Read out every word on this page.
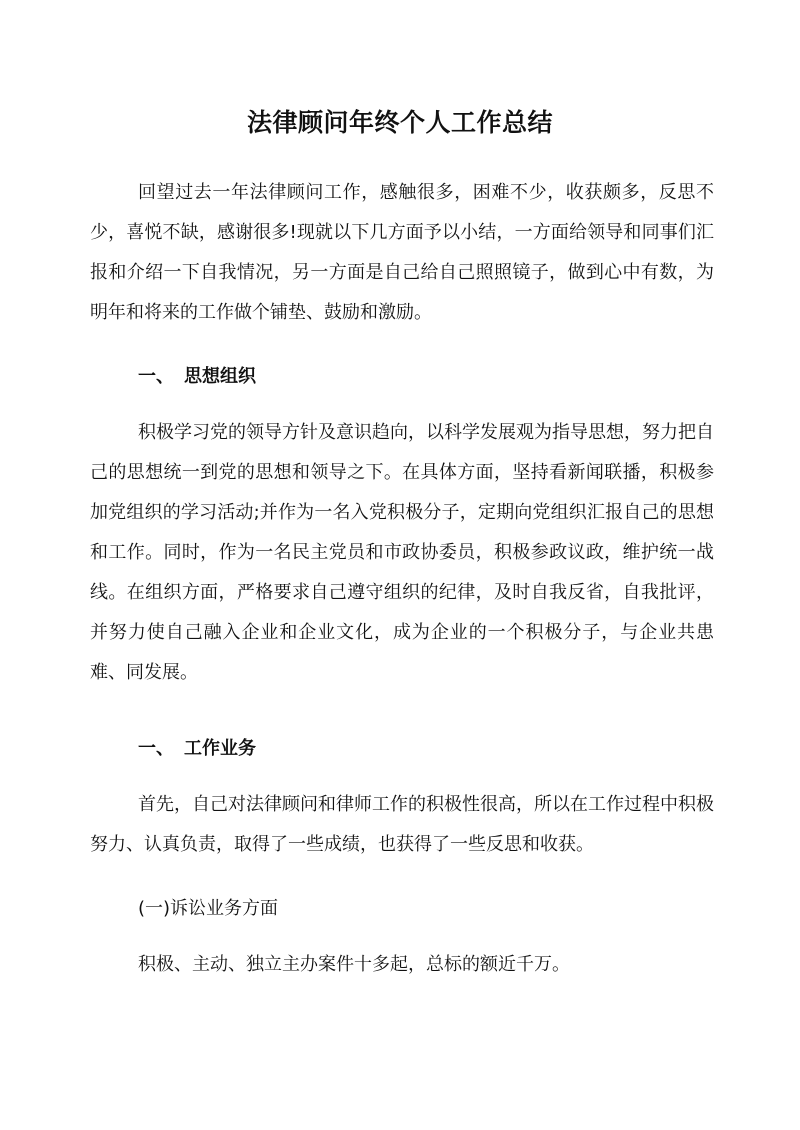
法律顾问年终个人工作总结

回望过去一年法律顾问工作，感触很多，困难不少，收获颇多，反思不少，喜悦不缺，感谢很多!现就以下几方面予以小结，一方面给领导和同事们汇报和介绍一下自我情况，另一方面是自己给自己照照镜子，做到心中有数，为明年和将来的工作做个铺垫、鼓励和激励。

一、 思想组织

积极学习党的领导方针及意识趋向，以科学发展观为指导思想，努力把自己的思想统一到党的思想和领导之下。在具体方面，坚持看新闻联播，积极参加党组织的学习活动;并作为一名入党积极分子，定期向党组织汇报自己的思想和工作。同时，作为一名民主党员和市政协委员，积极参政议政，维护统一战线。在组织方面，严格要求自己遵守组织的纪律，及时自我反省，自我批评，并努力使自己融入企业和企业文化，成为企业的一个积极分子，与企业共患难、同发展。

一、 工作业务

首先，自己对法律顾问和律师工作的积极性很高，所以在工作过程中积极努力、认真负责，取得了一些成绩，也获得了一些反思和收获。

(一)诉讼业务方面

积极、主动、独立主办案件十多起，总标的额近千万。
